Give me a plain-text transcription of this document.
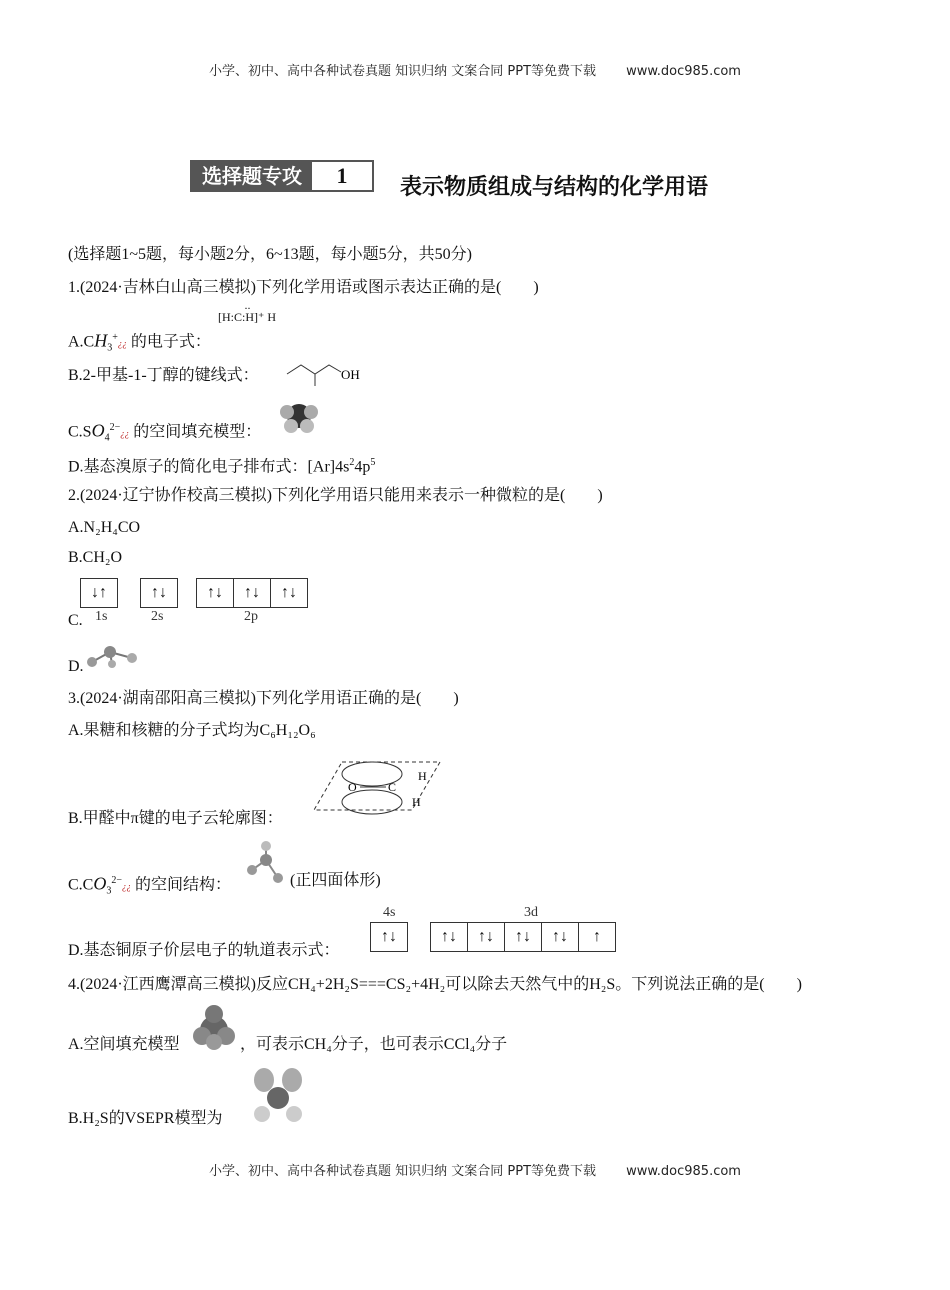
小学、初中、高中各种试卷真题 知识归纳 文案合同 PPT等免费下载 www.doc985.com
选择题专攻	1	表示物质组成与结构的化学用语
(选择题1~5题，每小题2分，6~13题，每小题5分，共50分)
1.(2024·吉林白山高三模拟)下列化学用语或图示表达正确的是(　　)
$A.CH_3^+¿¿$ 的电子式：
·· [H:C:H]⁺ H
B.2-甲基-1-丁醇的键线式：	OH
$C.SO_4^{2-}¿¿$ 的空间填充模型：
D.基态溴原子的简化电子排布式：$[Ar]4s^24p^5$
2.(2024·辽宁协作校高三模拟)下列化学用语只能用来表示一种微粒的是(　　)
A.N₂H₄CO
B.CH₂O
↓↑	↑↓	↑↓	↑↓	↑↓
1s	2s	2p
C.
D.
3.(2024·湖南邵阳高三模拟)下列化学用语正确的是(　　)
A.果糖和核糖的分子式均为C₆H₁₂O₆
O	C
H
H
B.甲醛中π键的电子云轮廓图：
$C.CO_3^{2-}¿¿$ 的空间结构：	(正四面体形)
4s	3d
↑↓	↑↓	↑↓	↑↓	↑↓	↑
D.基态铜原子价层电子的轨道表示式：
4.(2024·江西鹰潭高三模拟)反应CH₄+2H₂S===CS₂+4H₂可以除去天然气中的H₂S。下列说法正确的是(　　)
A.空间填充模型	，可表示CH₄分子，也可表示CCl₄分子
B.H₂S的VSEPR模型为
小学、初中、高中各种试卷真题 知识归纳 文案合同 PPT等免费下载 www.doc985.com
